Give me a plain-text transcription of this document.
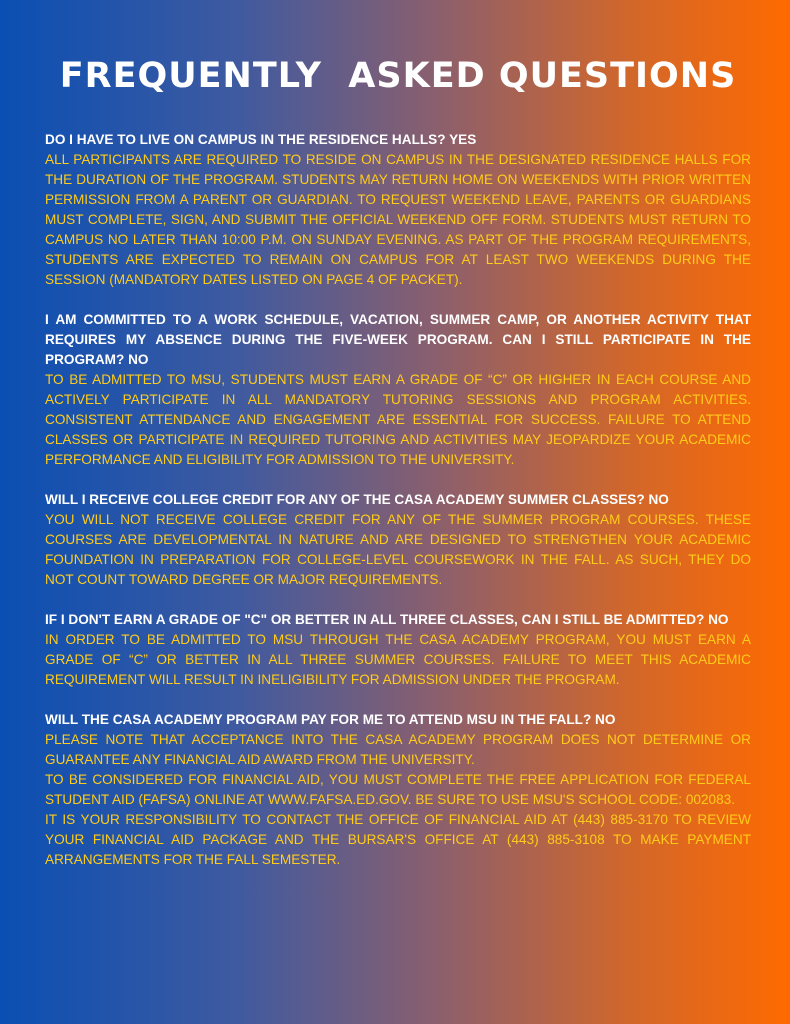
FREQUENTLY  ASKED QUESTIONS

DO I HAVE TO LIVE ON CAMPUS IN THE RESIDENCE HALLS? YES

ALL PARTICIPANTS ARE REQUIRED TO RESIDE ON CAMPUS IN THE DESIGNATED RESIDENCE HALLS FOR THE DURATION OF THE PROGRAM. STUDENTS MAY RETURN HOME ON WEEKENDS WITH PRIOR WRITTEN PERMISSION FROM A PARENT OR GUARDIAN. TO REQUEST WEEKEND LEAVE, PARENTS OR GUARDIANS MUST COMPLETE, SIGN, AND SUBMIT THE OFFICIAL WEEKEND OFF FORM. STUDENTS MUST RETURN TO CAMPUS NO LATER THAN 10:00 P.M. ON SUNDAY EVENING. AS PART OF THE PROGRAM REQUIREMENTS, STUDENTS ARE EXPECTED TO REMAIN ON CAMPUS FOR AT LEAST TWO WEEKENDS DURING THE SESSION (MANDATORY DATES LISTED ON PAGE 4 OF PACKET).

I AM COMMITTED TO A WORK SCHEDULE, VACATION, SUMMER CAMP, OR ANOTHER ACTIVITY THAT REQUIRES MY ABSENCE DURING THE FIVE-WEEK PROGRAM. CAN I STILL PARTICIPATE IN THE PROGRAM? NO

TO BE ADMITTED TO MSU, STUDENTS MUST EARN A GRADE OF “C” OR HIGHER IN EACH COURSE AND ACTIVELY PARTICIPATE IN ALL MANDATORY TUTORING SESSIONS AND PROGRAM ACTIVITIES. CONSISTENT ATTENDANCE AND ENGAGEMENT ARE ESSENTIAL FOR SUCCESS. FAILURE TO ATTEND CLASSES OR PARTICIPATE IN REQUIRED TUTORING AND ACTIVITIES MAY JEOPARDIZE YOUR ACADEMIC PERFORMANCE AND ELIGIBILITY FOR ADMISSION TO THE UNIVERSITY.

WILL I RECEIVE COLLEGE CREDIT FOR ANY OF THE CASA ACADEMY SUMMER CLASSES? NO

YOU WILL NOT RECEIVE COLLEGE CREDIT FOR ANY OF THE SUMMER PROGRAM COURSES. THESE COURSES ARE DEVELOPMENTAL IN NATURE AND ARE DESIGNED TO STRENGTHEN YOUR ACADEMIC FOUNDATION IN PREPARATION FOR COLLEGE-LEVEL COURSEWORK IN THE FALL. AS SUCH, THEY DO NOT COUNT TOWARD DEGREE OR MAJOR REQUIREMENTS.

IF I DON'T EARN A GRADE OF "C" OR BETTER IN ALL THREE CLASSES, CAN I STILL BE ADMITTED? NO

IN ORDER TO BE ADMITTED TO MSU THROUGH THE CASA ACADEMY PROGRAM, YOU MUST EARN A GRADE OF “C” OR BETTER IN ALL THREE SUMMER COURSES. FAILURE TO MEET THIS ACADEMIC REQUIREMENT WILL RESULT IN INELIGIBILITY FOR ADMISSION UNDER THE PROGRAM.

WILL THE CASA ACADEMY PROGRAM PAY FOR ME TO ATTEND MSU IN THE FALL? NO

PLEASE NOTE THAT ACCEPTANCE INTO THE CASA ACADEMY PROGRAM DOES NOT DETERMINE OR GUARANTEE ANY FINANCIAL AID AWARD FROM THE UNIVERSITY.

TO BE CONSIDERED FOR FINANCIAL AID, YOU MUST COMPLETE THE FREE APPLICATION FOR FEDERAL STUDENT AID (FAFSA) ONLINE AT WWW.FAFSA.ED.GOV. BE SURE TO USE MSU'S SCHOOL CODE: 002083.

IT IS YOUR RESPONSIBILITY TO CONTACT THE OFFICE OF FINANCIAL AID AT (443) 885-3170 TO REVIEW YOUR FINANCIAL AID PACKAGE AND THE BURSAR'S OFFICE AT (443) 885-3108 TO MAKE PAYMENT ARRANGEMENTS FOR THE FALL SEMESTER.
